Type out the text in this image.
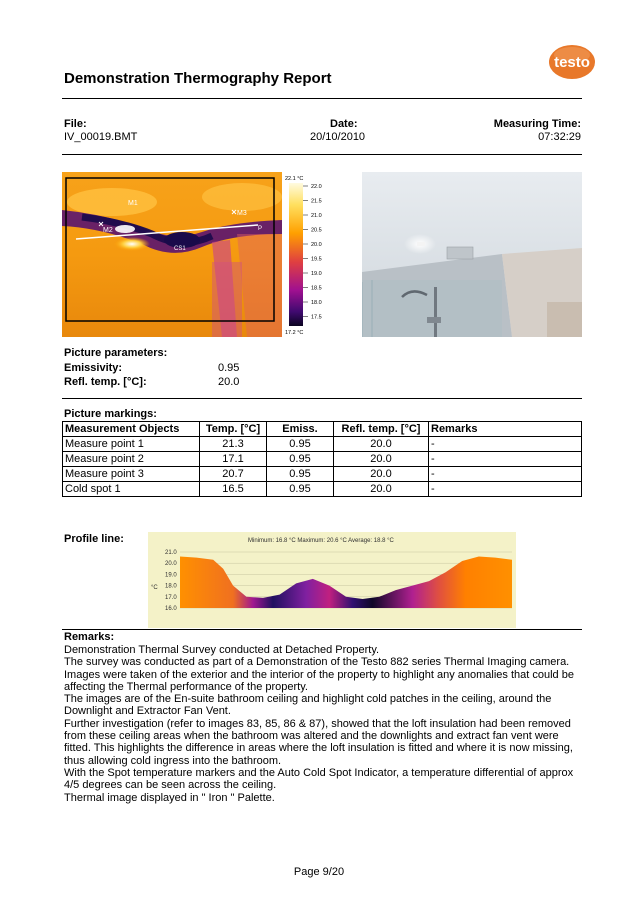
testo
Demonstration Thermography Report
File:
IV_00019.BMT
Date:
20/10/2010
Measuring Time:
07:32:29
M1
M2
M3
CS1
P
22.1 °C
22.0
21.5
21.0
20.5
20.0
19.5
19.0
18.5
18.0
17.5
17.2 °C
Picture parameters:
Emissivity:	0.95
Refl. temp. [°C]:	20.0
Picture markings:
Measurement Objects	Temp. [°C]	Emiss.	Refl. temp. [°C]	Remarks
Measure point 1	21.3	0.95	20.0	-
Measure point 2	17.1	0.95	20.0	-
Measure point 3	20.7	0.95	20.0	-
Cold spot 1	16.5	0.95	20.0	-
Profile line:	Minimum: 16.8 °C Maximum: 20.6 °C Average: 18.8 °C
21.0
20.0
19.0
18.0
17.0
16.0
°C
Remarks:

Demonstration Thermal Survey conducted at Detached Property.

The survey was conducted as part of a Demonstration of the Testo 882 series Thermal Imaging camera. Images were taken of the exterior and the interior of the property to highlight any anomalies that could be affecting the Thermal performance of the property.

The images are of the En-suite bathroom ceiling and highlight cold patches in the ceiling, around the Downlight and Extractor Fan Vent.

Further investigation (refer to images 83, 85, 86 & 87), showed that the loft insulation had been removed from these ceiling areas when the bathroom was altered and the downlights and extract fan vent were fitted. This highlights the difference in areas where the loft insulation is fitted and where it is now missing, thus allowing cold ingress into the bathroom.

With the Spot temperature markers and the Auto Cold Spot Indicator, a temperature differential of approx 4/5 degrees can be seen across the ceiling.

Thermal image displayed in " Iron " Palette.

Page 9/20
